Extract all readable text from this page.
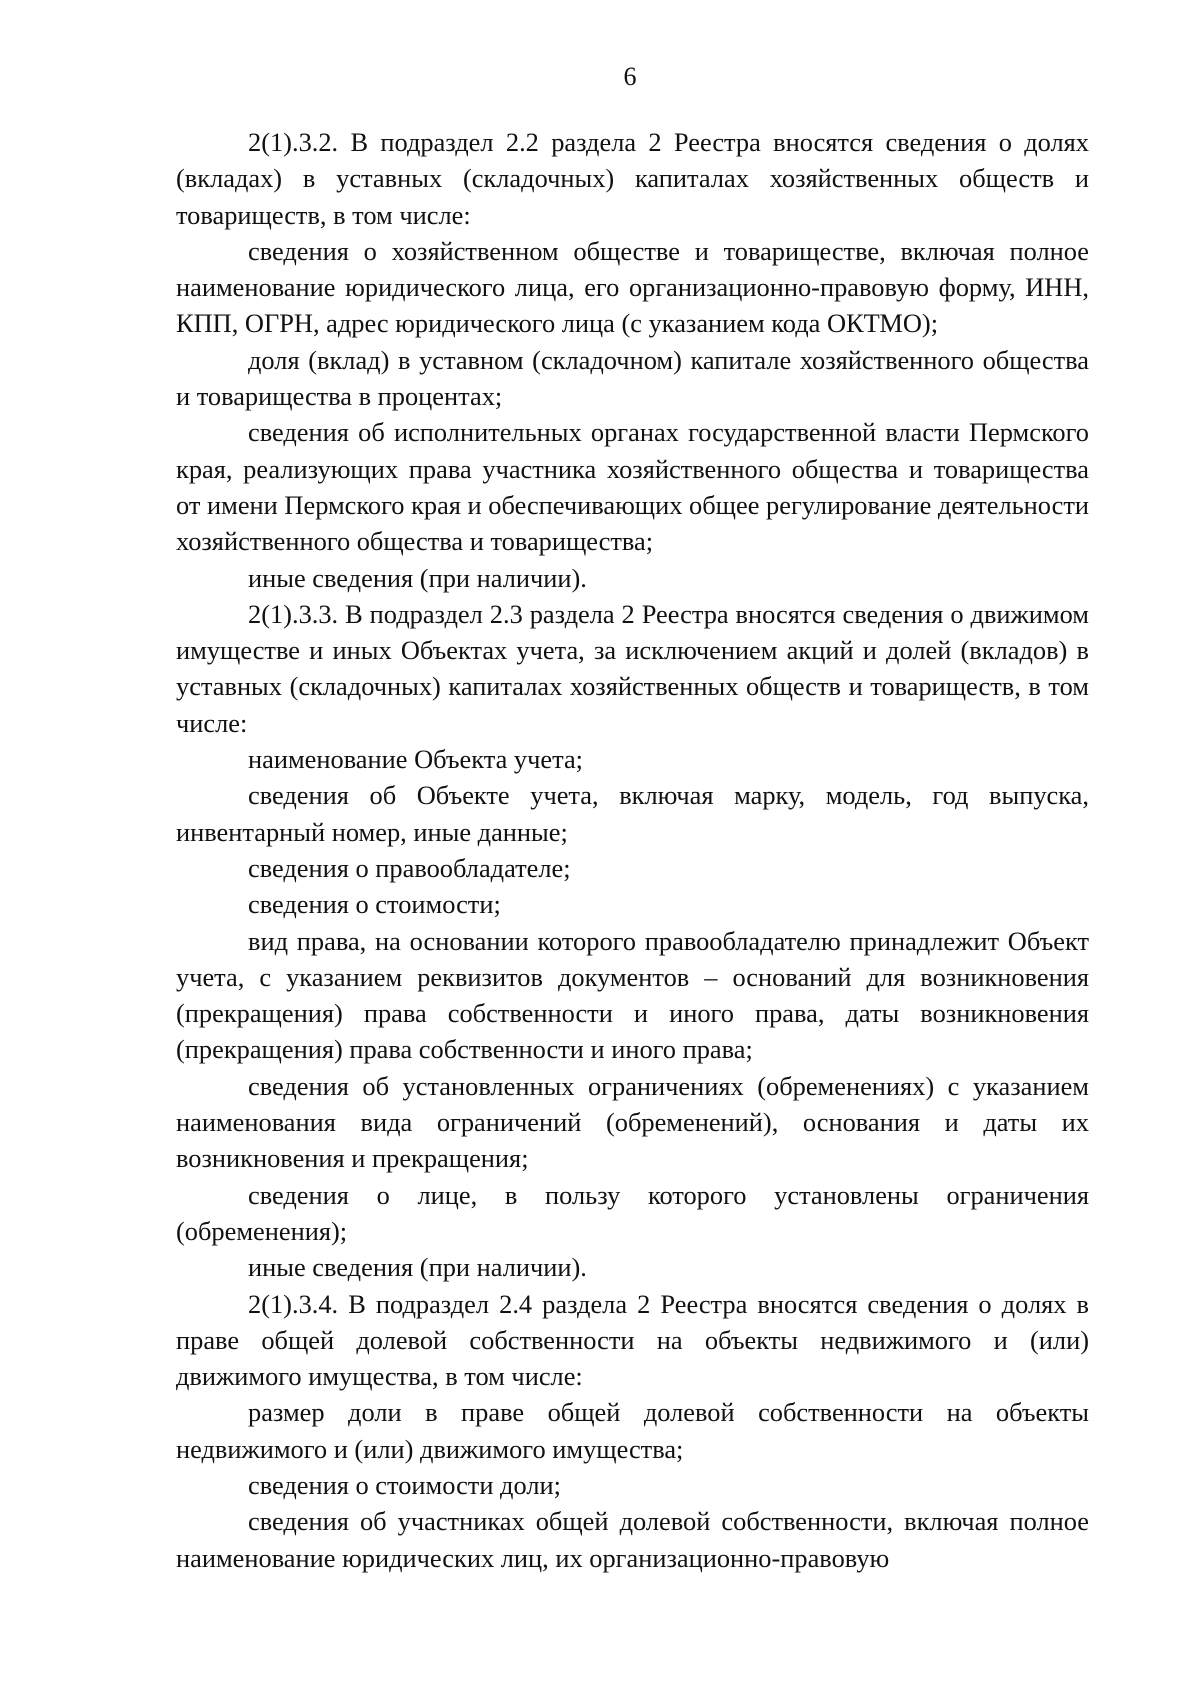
6

2(1).3.2. В подраздел 2.2 раздела 2 Реестра вносятся сведения о долях (вкладах) в уставных (складочных) капиталах хозяйственных обществ и товариществ, в том числе:

сведения о хозяйственном обществе и товариществе, включая полное наименование юридического лица, его организационно-правовую форму, ИНН, КПП, ОГРН, адрес юридического лица (с указанием кода ОКТМО);

доля (вклад) в уставном (складочном) капитале хозяйственного общества и товарищества в процентах;

сведения об исполнительных органах государственной власти Пермского края, реализующих права участника хозяйственного общества и товарищества от имени Пермского края и обеспечивающих общее регулирование деятельности хозяйственного общества и товарищества;

иные сведения (при наличии).

2(1).3.3. В подраздел 2.3 раздела 2 Реестра вносятся сведения о движимом имуществе и иных Объектах учета, за исключением акций и долей (вкладов) в уставных (складочных) капиталах хозяйственных обществ и товариществ, в том числе:

наименование Объекта учета;

сведения об Объекте учета, включая марку, модель, год выпуска, инвентарный номер, иные данные;

сведения о правообладателе;

сведения о стоимости;

вид права, на основании которого правообладателю принадлежит Объект учета, с указанием реквизитов документов – оснований для возникновения (прекращения) права собственности и иного права, даты возникновения (прекращения) права собственности и иного права;

сведения об установленных ограничениях (обременениях) с указанием наименования вида ограничений (обременений), основания и даты их возникновения и прекращения;

сведения о лице, в пользу которого установлены ограничения (обременения);

иные сведения (при наличии).

2(1).3.4. В подраздел 2.4 раздела 2 Реестра вносятся сведения о долях в праве общей долевой собственности на объекты недвижимого и (или) движимого имущества, в том числе:

размер доли в праве общей долевой собственности на объекты недвижимого и (или) движимого имущества;

сведения о стоимости доли;

сведения об участниках общей долевой собственности, включая полное наименование юридических лиц, их организационно-правовую
